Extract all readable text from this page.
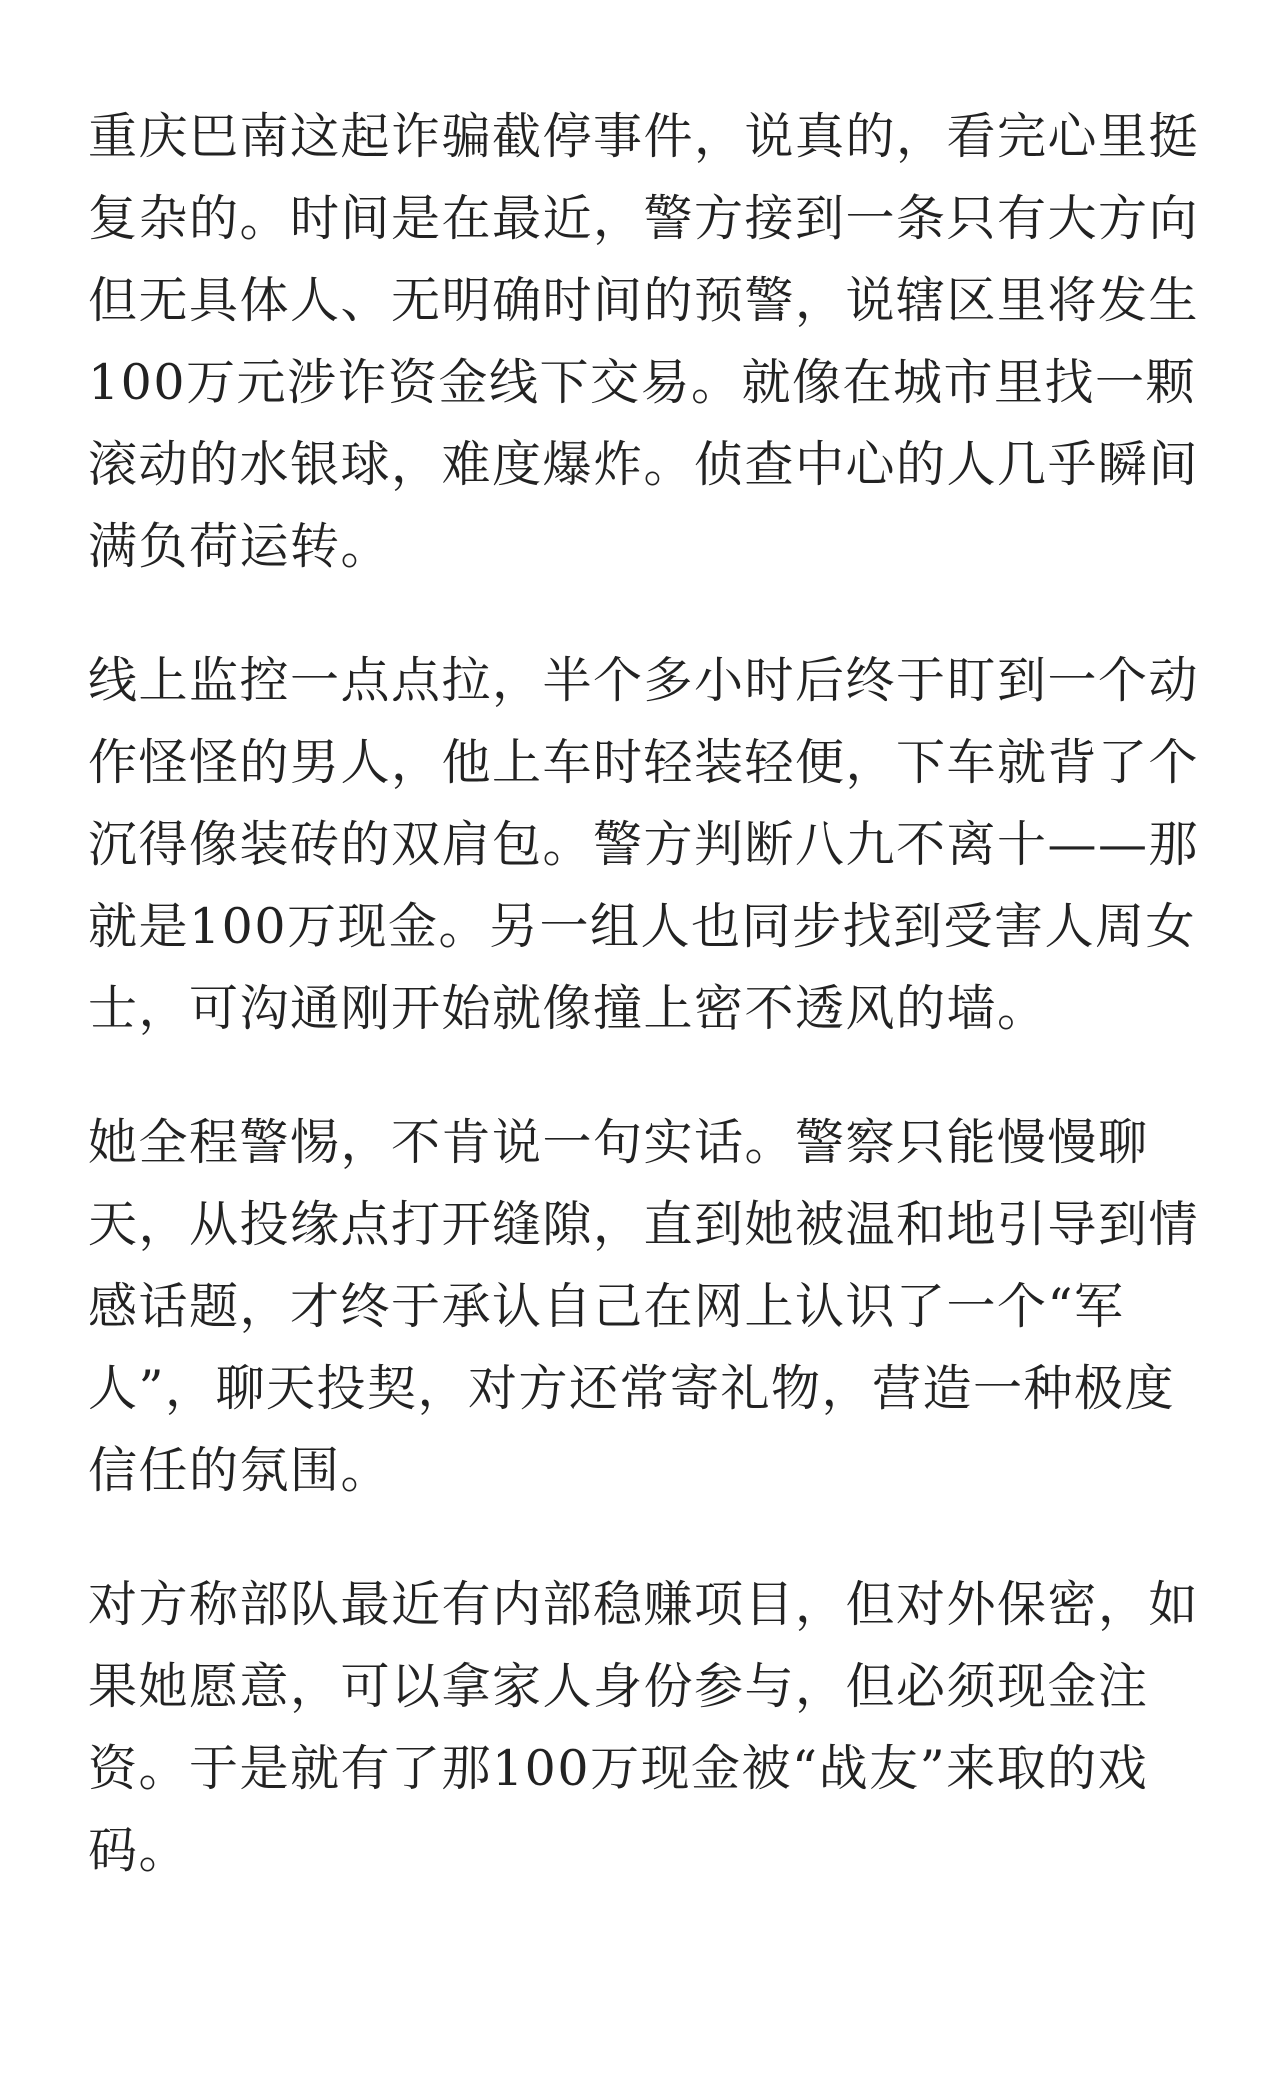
重庆巴南这起诈骗截停事件，说真的，看完心里挺
复杂的。时间是在最近，警方接到一条只有大方向
但无具体人、无明确时间的预警，说辖区里将发生
100万元涉诈资金线下交易。就像在城市里找一颗
滚动的水银球，难度爆炸。侦查中心的人几乎瞬间
满负荷运转。

线上监控一点点拉，半个多小时后终于盯到一个动
作怪怪的男人，他上车时轻装轻便，下车就背了个
沉得像装砖的双肩包。警方判断八九不离十——那
就是100万现金。另一组人也同步找到受害人周女
士，可沟通刚开始就像撞上密不透风的墙。

她全程警惕，不肯说一句实话。警察只能慢慢聊
天，从投缘点打开缝隙，直到她被温和地引导到情
感话题，才终于承认自己在网上认识了一个“军
人”，聊天投契，对方还常寄礼物，营造一种极度
信任的氛围。

对方称部队最近有内部稳赚项目，但对外保密，如
果她愿意，可以拿家人身份参与，但必须现金注
资。于是就有了那100万现金被“战友”来取的戏
码。
